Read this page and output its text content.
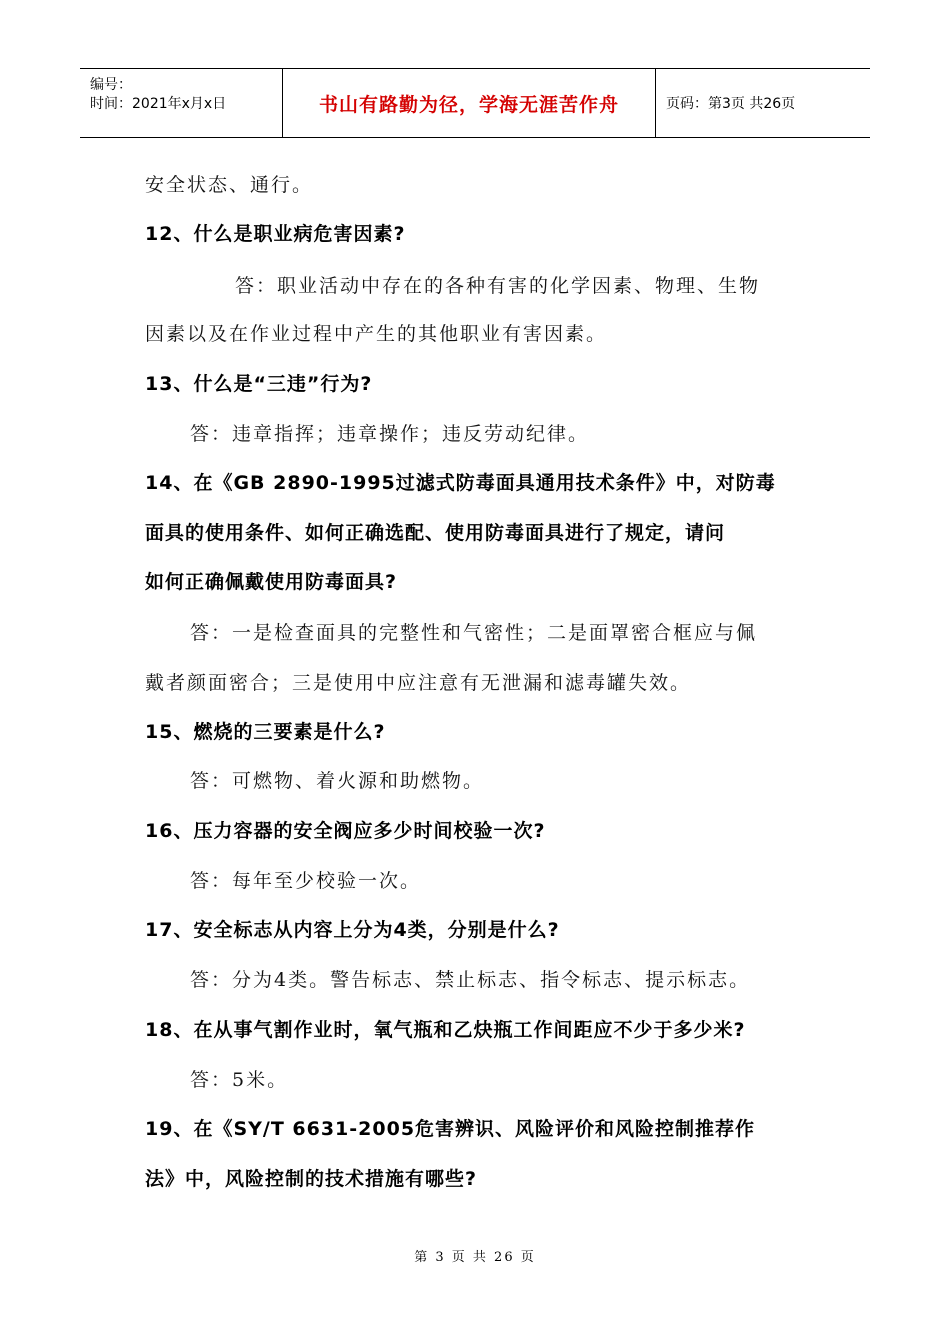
编号：
时间：2021年x月x日	书山有路勤为径，学海无涯苦作舟	页码：第3页 共26页
安全状态、通行。
12、什么是职业病危害因素?
答：职业活动中存在的各种有害的化学因素、物理、生物
因素以及在作业过程中产生的其他职业有害因素。
13、什么是“三违”行为?
答：违章指挥；违章操作；违反劳动纪律。
14、在《GB 2890-1995过滤式防毒面具通用技术条件》中，对防毒
面具的使用条件、如何正确选配、使用防毒面具进行了规定，请问
如何正确佩戴使用防毒面具?
答：一是检查面具的完整性和气密性；二是面罩密合框应与佩
戴者颜面密合；三是使用中应注意有无泄漏和滤毒罐失效。
15、燃烧的三要素是什么?
答：可燃物、着火源和助燃物。
16、压力容器的安全阀应多少时间校验一次?
答：每年至少校验一次。
17、安全标志从内容上分为4类，分别是什么?
答：分为4类。警告标志、禁止标志、指令标志、提示标志。
18、在从事气割作业时，氧气瓶和乙炔瓶工作间距应不少于多少米?
答：5米。
19、在《SY/T 6631-2005危害辨识、风险评价和风险控制推荐作
法》中，风险控制的技术措施有哪些?
第 3 页 共 26 页
